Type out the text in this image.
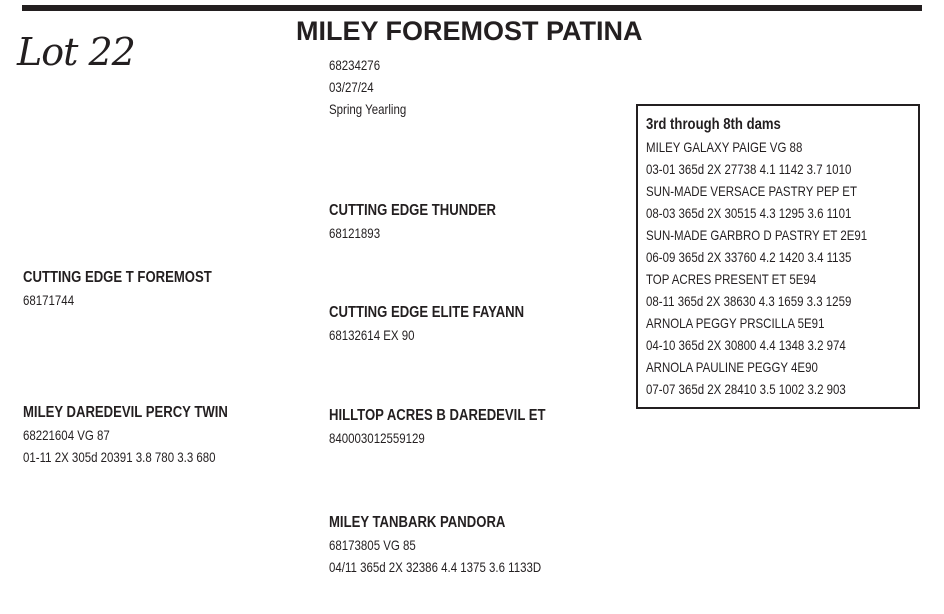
Lot 22	MILEY FOREMOST PATINA
68234276
03/27/24
Spring Yearling
CUTTING EDGE THUNDER
68121893
CUTTING EDGE T FOREMOST
68171744
CUTTING EDGE ELITE FAYANN
68132614 EX 90
MILEY DAREDEVIL PERCY TWIN
68221604 VG 87
01-11 2X 305d 20391 3.8 780 3.3 680
HILLTOP ACRES B DAREDEVIL ET
840003012559129
MILEY TANBARK PANDORA
68173805 VG 85
04/11 365d 2X 32386 4.4 1375 3.6 1133D
3rd through 8th dams
MILEY GALAXY PAIGE VG 88
03-01 365d 2X 27738 4.1 1142 3.7 1010
SUN-MADE VERSACE PASTRY PEP ET
08-03 365d 2X 30515 4.3 1295 3.6 1101
SUN-MADE GARBRO D PASTRY ET 2E91
06-09 365d 2X 33760 4.2 1420 3.4 1135
TOP ACRES PRESENT ET 5E94
08-11 365d 2X 38630 4.3 1659 3.3 1259
ARNOLA PEGGY PRSCILLA 5E91
04-10 365d 2X 30800 4.4 1348 3.2 974
ARNOLA PAULINE PEGGY 4E90
07-07 365d 2X 28410 3.5 1002 3.2 903
